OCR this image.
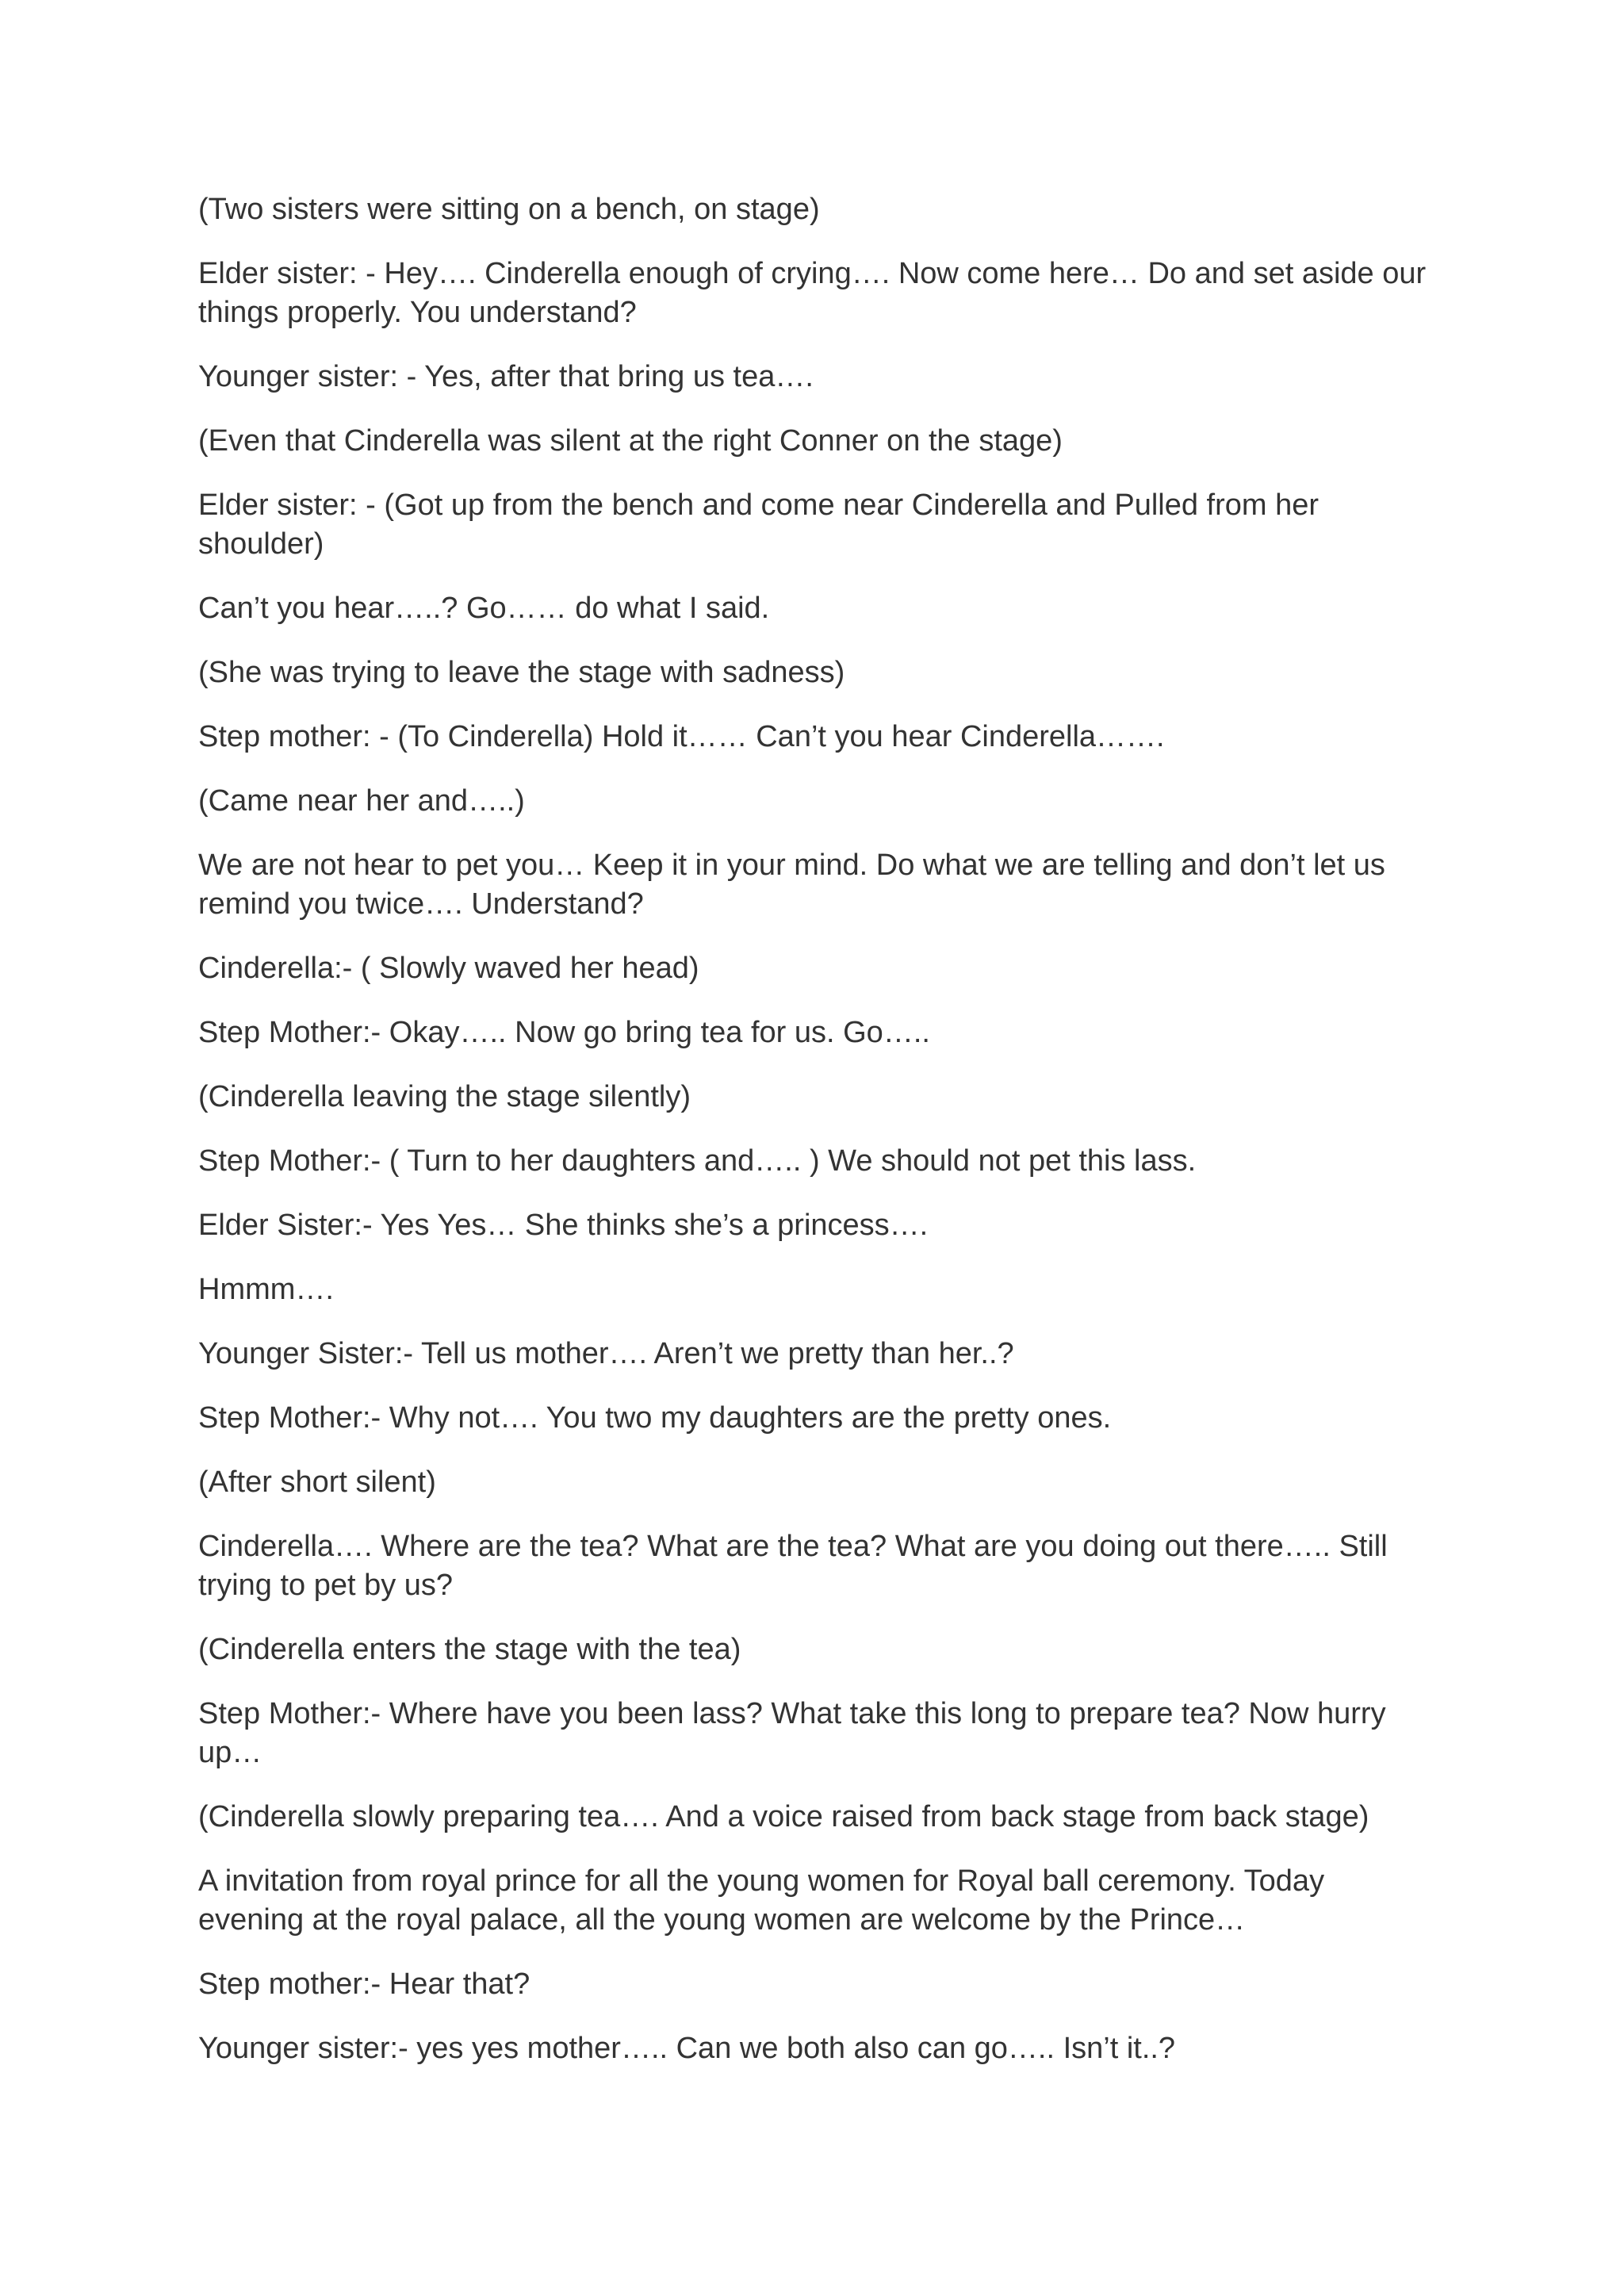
(Two sisters were sitting on a bench, on stage)

Elder sister: - Hey…. Cinderella enough of crying…. Now come here… Do and set aside our things properly. You understand?

Younger sister: - Yes, after that bring us tea….

(Even that Cinderella was silent at the right Conner on the stage)

Elder sister: - (Got up from the bench and come near Cinderella and Pulled from her shoulder)

Can’t you hear…..? Go…… do what I said.

(She was trying to leave the stage with sadness)

Step mother: - (To Cinderella) Hold it…… Can’t you hear Cinderella…….

(Came near her and…..)

We are not hear to pet you… Keep it in your mind. Do what we are telling and don’t let us remind you twice…. Understand?

Cinderella:- ( Slowly waved her head)

Step Mother:- Okay….. Now go bring tea for us. Go…..

(Cinderella leaving the stage silently)

Step Mother:- ( Turn to her daughters and….. ) We should not pet this lass.

Elder Sister:- Yes Yes… She thinks she’s a princess….

Hmmm….

Younger Sister:- Tell us mother…. Aren’t we pretty than her..?

Step Mother:- Why not…. You two my daughters are the pretty ones.

(After short silent)

Cinderella…. Where are the tea? What are the tea? What are you doing out there….. Still trying to pet by us?

(Cinderella enters the stage with the tea)

Step Mother:- Where have you been lass? What take this long to prepare tea? Now hurry up…

(Cinderella slowly preparing tea…. And a voice raised from back stage from back stage)

A invitation from royal prince for all the young women for Royal ball ceremony. Today evening at the royal palace, all the young women are welcome by the Prince…

Step mother:- Hear that?

Younger sister:- yes yes mother….. Can we both also can go….. Isn’t it..?
